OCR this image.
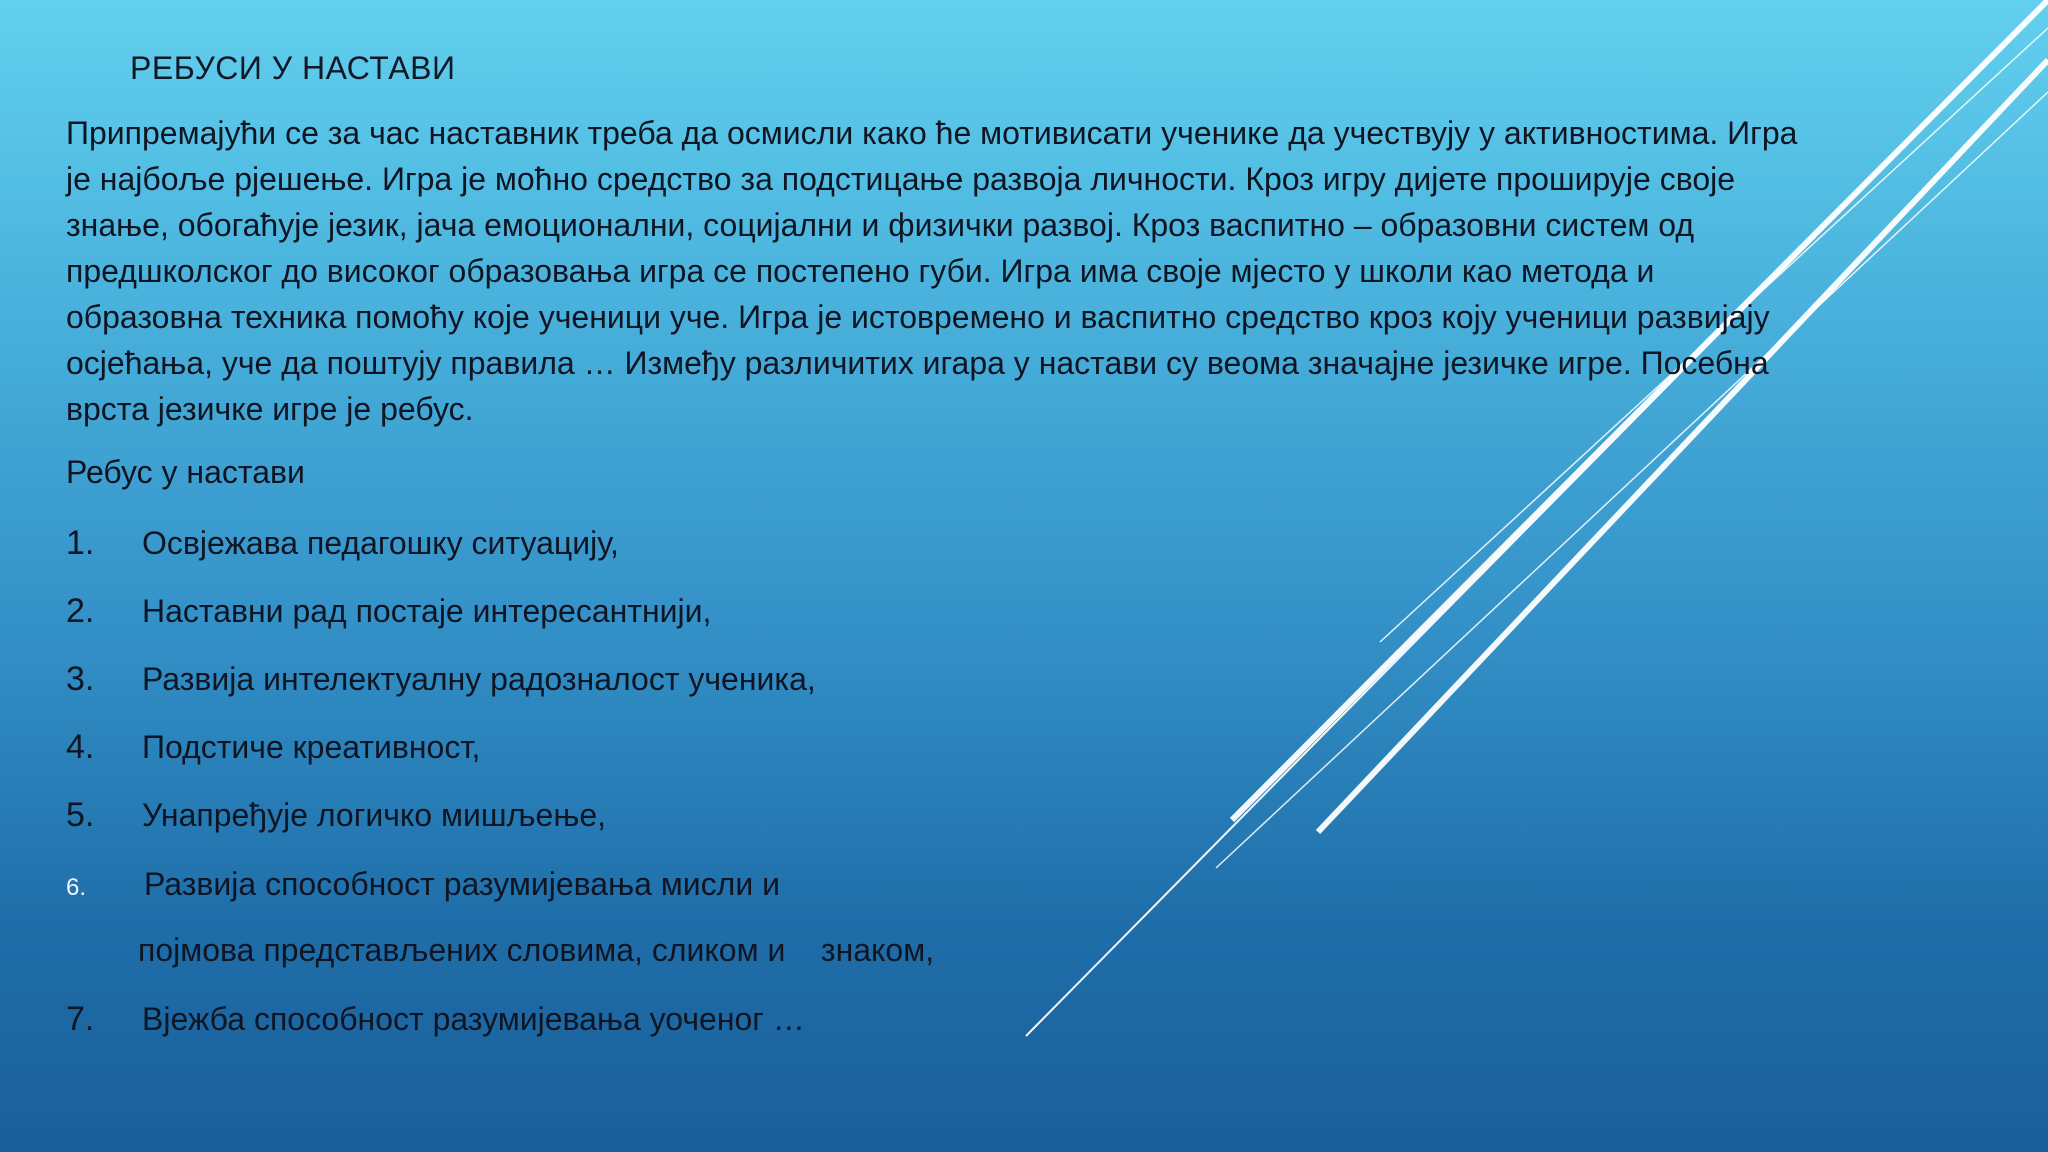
РЕБУСИ У НАСТАВИ
Припремајући се за час наставник треба да осмисли како ће мотивисати ученике да учествују у активностима. Игра
је најбоље рјешење. Игра је моћно средство за подстицање развоја личности. Кроз игру дијете проширује своје
знање, обогаћује језик, јача емоционални, социјални и физички развој. Кроз васпитно – образовни систем од
предшколског до високог образовања игра се постепено губи. Игра има своје мјесто у школи као метода и
образовна техника помоћу које ученици уче. Игра је истовремено и васпитно средство кроз коју ученици развијају
осјећања, уче да поштују правила … Између различитих игара у настави су веома значајне језичке игре. Посебна
врста језичке игре је ребус.
Ребус у настави
1. Освјежава педагошку ситуацију,
2. Наставни рад постаје интересантнији,
3. Развија интелектуалну радозналост ученика,
4. Подстиче креативност,
5. Унапређује логичко мишљење,
6. Развија способност разумијевања мисли и
појмова представљених словима, сликом и    знаком,
7. Вјежба способност разумијевања уоченог …
